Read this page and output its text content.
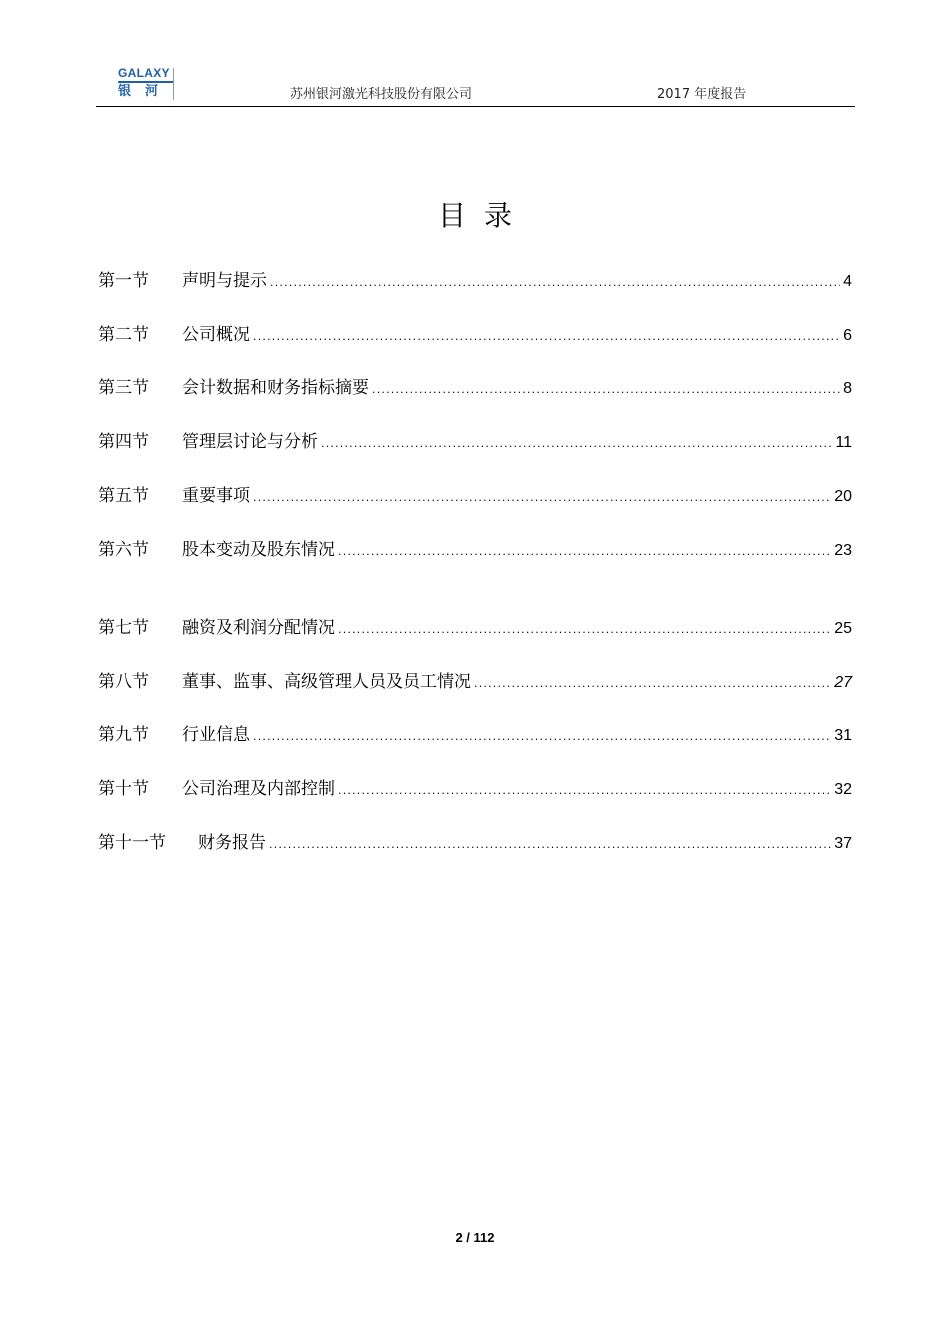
GALAXY
银河	苏州银河激光科技股份有限公司	2017 年度报告
目录
第一节	声明与提示 .....	4
第二节	公司概况 .....	6
第三节	会计数据和财务指标摘要 .....	8
第四节	管理层讨论与分析 .....	11
第五节	重要事项 .....	20
第六节	股本变动及股东情况 .....	23
第七节	融资及利润分配情况 .....	25
第八节	董事、监事、高级管理人员及员工情况 .....	27
第九节	行业信息 .....	31
第十节	公司治理及内部控制 .....	32
第十一节	财务报告 .....	37
2 / 112
